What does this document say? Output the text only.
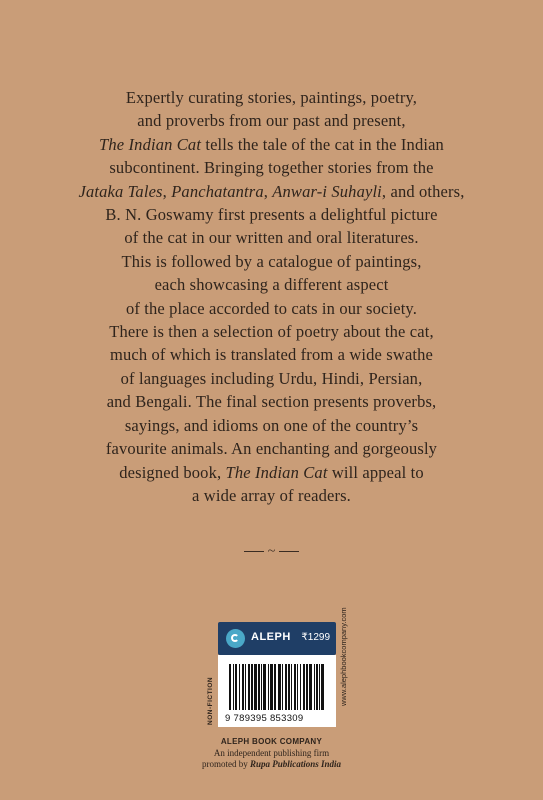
Expertly curating stories, paintings, poetry,
and proverbs from our past and present,
The Indian Cat tells the tale of the cat in the Indian
subcontinent. Bringing together stories from the
Jataka Tales, Panchatantra, Anwar-i Suhayli, and others,
B. N. Goswamy first presents a delightful picture
of the cat in our written and oral literatures.
This is followed by a catalogue of paintings,
each showcasing a different aspect
of the place accorded to cats in our society.
There is then a selection of poetry about the cat,
much of which is translated from a wide swathe
of languages including Urdu, Hindi, Persian,
and Bengali. The final section presents proverbs,
sayings, and idioms on one of the country’s
favourite animals. An enchanting and gorgeously
designed book, The Indian Cat will appeal to
a wide array of readers.
~
ALEPH ₹1299
9 789395 853309
NON-FICTION	www.alephbookcompany.com
ALEPH BOOK COMPANY
An independent publishing firm
promoted by Rupa Publications India
